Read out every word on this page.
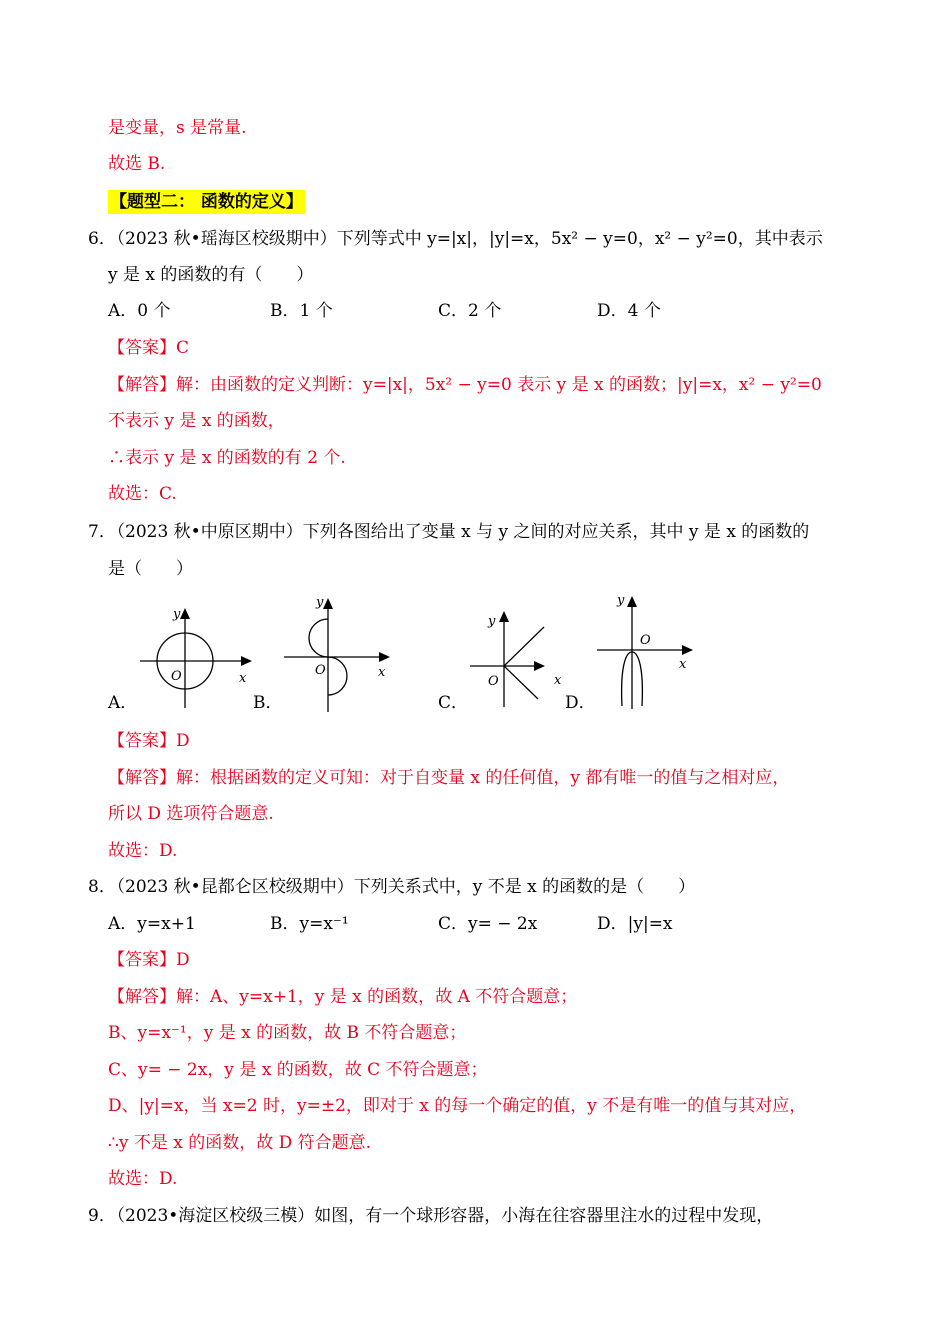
是变量，s 是常量.
故选 B.
【题型二： 函数的定义】
6．
（2023 秋•瑶海区校级期中）下列等式中 y=|x|，|y|=x，5x² − y=0，x² − y²=0，其中表示
y 是 x 的函数的有（　　）
A．0 个	B．1 个	C．2 个	D．4 个
【答案】C
【解答】解：由函数的定义判断：y=|x|，5x² − y=0 表示 y 是 x 的函数；|y|=x，x² − y²=0
不表示 y 是 x 的函数，
∴表示 y 是 x 的函数的有 2 个.
故选：C.
7．
（2023 秋•中原区期中）下列各图给出了变量 x 与 y 之间的对应关系，其中 y 是 x 的函数的
是（　　）
y
x
O
y
x
O
y
x
O
y
x
O
A．	B．	C．	D．
【答案】D
【解答】解：根据函数的定义可知：对于自变量 x 的任何值，y 都有唯一的值与之相对应，
所以 D 选项符合题意.
故选：D.
8．
（2023 秋•昆都仑区校级期中）下列关系式中，y 不是 x 的函数的是（　　）
A．y=x+1	B．y=x⁻¹	C．y= − 2x	D．|y|=x
【答案】D
【解答】解：A、y=x+1，y 是 x 的函数，故 A 不符合题意；
B、y=x⁻¹，y 是 x 的函数，故 B 不符合题意；
C、y= − 2x，y 是 x 的函数，故 C 不符合题意；
D、|y|=x，当 x=2 时，y=±2，即对于 x 的每一个确定的值，y 不是有唯一的值与其对应，
∴y 不是 x 的函数，故 D 符合题意.
故选：D.
9．
（2023•海淀区校级三模）如图，有一个球形容器，小海在往容器里注水的过程中发现，
